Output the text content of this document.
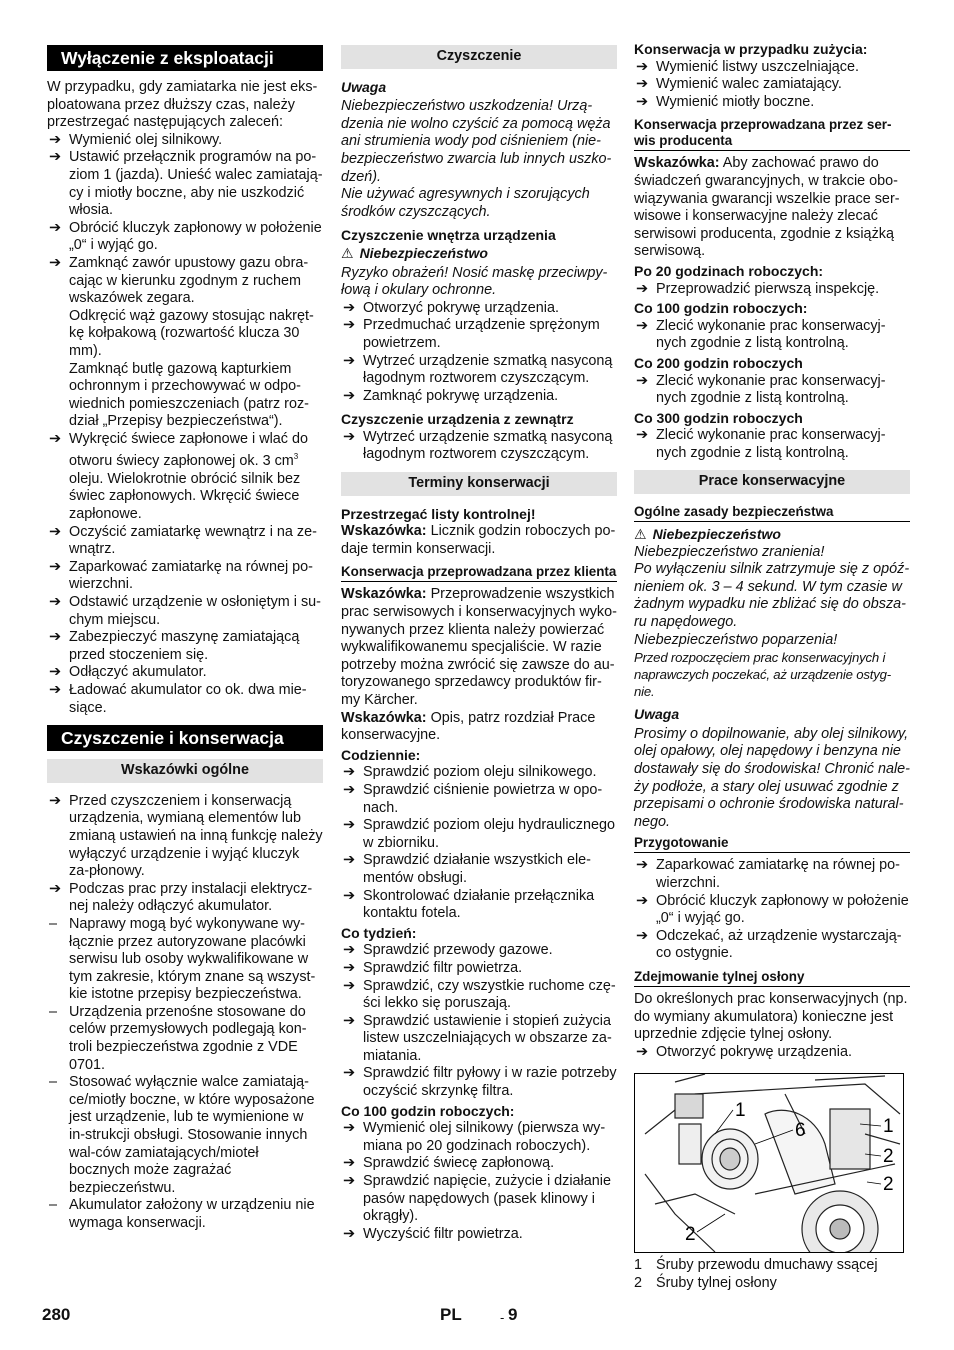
Wyłączenie z eksploatacji

W przypadku, gdy zamiatarka nie jest eks-ploatowana przez dłuższy czas, należy przestrzegać następujących zaleceń:

➔ Wymienić olej silnikowy.
➔ Ustawić przełącznik programów na po-ziom 1 (jazda). Unieść walec zamiatają-cy i miotły boczne, aby nie uszkodzić włosia.
➔ Obrócić kluczyk zapłonowy w położenie „0“ i wyjąć go.
➔ Zamknąć zawór upustowy gazu obra-cając w kierunku zgodnym z ruchem wskazówek zegara.

Odkręcić wąż gazowy stosując nakręt-kę kołpakową (rozwartość klucza 30 mm).

Zamknąć butlę gazową kapturkiem ochronnym i przechowywać w odpo-wiednich pomieszczeniach (patrz roz-dział „Przepisy bezpieczeństwa“).

➔ Wykręcić świece zapłonowe i wlać do otworu świecy zapłonowej ok. 3 $cm^3$ oleju. Wielokrotnie obrócić silnik bez świec zapłonowych. Wkręcić świece zapłonowe.
➔ Oczyścić zamiatarkę wewnątrz i na ze-wnątrz.
➔ Zaparkować zamiatarkę na równej po-wierzchni.
➔ Odstawić urządzenie w osłoniętym i su-chym miejscu.
➔ Zabezpieczyć maszynę zamiatającą przed stoczeniem się.
➔ Odłączyć akumulator.
➔ Ładować akumulator co ok. dwa mie-siące.
Czyszczenie i konserwacja
Wskazówki ogólne
➔ Przed czyszczeniem i konserwacją urządzenia, wymianą elementów lub zmianą ustawień na inną funkcję należy wyłączyć urządzenie i wyjąć kluczyk za-płonowy.
➔ Podczas prac przy instalacji elektrycz-nej należy odłączyć akumulator.
– Naprawy mogą być wykonywane wy-łącznie przez autoryzowane placówki serwisu lub osoby wykwalifikowane w tym zakresie, którym znane są wszyst-kie istotne przepisy bezpieczeństwa.
– Urządzenia przenośne stosowane do celów przemysłowych podlegają kon-troli bezpieczeństwa zgodnie z VDE 0701.
– Stosować wyłącznie walce zamiatają-ce/miotły boczne, w które wyposażone jest urządzenie, lub te wymienione w in-strukcji obsługi. Stosowanie innych wal-ców zamiatających/mioteł bocznych może zagrażać bezpieczeństwu.
– Akumulator założony w urządzeniu nie wymaga konserwacji.
Czyszczenie

Uwaga

Niebezpieczeństwo uszkodzenia! Urzą-dzenia nie wolno czyścić za pomocą węża ani strumienia wody pod ciśnieniem (nie-bezpieczeństwo zwarcia lub innych uszko-dzeń).

Nie używać agresywnych i szorujących środków czyszczących.

Czyszczenie wnętrza urządzenia

⚠ Niebezpieczeństwo

Ryzyko obrażeń! Nosić maskę przeciwpy-łową i okulary ochronne.

➔ Otworzyć pokrywę urządzenia.
➔ Przedmuchać urządzenie sprężonym powietrzem.
➔ Wytrzeć urządzenie szmatką nasyconą łagodnym roztworem czyszczącym.
➔ Zamknąć pokrywę urządzenia.

Czyszczenie urządzenia z zewnątrz

➔ Wytrzeć urządzenie szmatką nasyconą łagodnym roztworem czyszczącym.
Terminy konserwacji

Przestrzegać listy kontrolnej!

Wskazówka: Licznik godzin roboczych po-daje termin konserwacji.

Konserwacja przeprowadzana przez klienta

Wskazówka: Przeprowadzenie wszystkich prac serwisowych i konserwacyjnych wyko-nywanych przez klienta należy powierzać wykwalifikowanemu specjaliście. W razie potrzeby można zwrócić się zawsze do au-toryzowanego sprzedawcy produktów fir-my Kärcher.

Wskazówka: Opis, patrz rozdział Prace konserwacyjne.

Codziennie:

➔ Sprawdzić poziom oleju silnikowego.
➔ Sprawdzić ciśnienie powietrza w opo-nach.
➔ Sprawdzić poziom oleju hydraulicznego w zbiorniku.
➔ Sprawdzić działanie wszystkich ele-mentów obsługi.
➔ Skontrolować działanie przełącznika kontaktu fotela.

Co tydzień:

➔ Sprawdzić przewody gazowe.
➔ Sprawdzić filtr powietrza.
➔ Sprawdzić, czy wszystkie ruchome czę-ści lekko się poruszają.
➔ Sprawdzić ustawienie i stopień zużycia listew uszczelniających w obszarze za-miatania.
➔ Sprawdzić filtr pyłowy i w razie potrzeby oczyścić skrzynkę filtra.

Co 100 godzin roboczych:

➔ Wymienić olej silnikowy (pierwsza wy-miana po 20 godzinach roboczych).
➔ Sprawdzić świecę zapłonową.
➔ Sprawdzić napięcie, zużycie i działanie pasów napędowych (pasek klinowy i okrągły).
➔ Wyczyścić filtr powietrza.

Konserwacja w przypadku zużycia:

➔ Wymienić listwy uszczelniające.
➔ Wymienić walec zamiatający.
➔ Wymienić miotły boczne.
Konserwacja przeprowadzana przez ser-wis producenta

Wskazówka: Aby zachować prawo do świadczeń gwarancyjnych, w trakcie obo-wiązywania gwarancji wszelkie prace ser-wisowe i konserwacyjne należy zlecać serwisowi producenta, zgodnie z książką serwisową.

Po 20 godzinach roboczych:

➔ Przeprowadzić pierwszą inspekcję.

Co 100 godzin roboczych:

➔ Zlecić wykonanie prac konserwacyj-nych zgodnie z listą kontrolną.

Co 200 godzin roboczych

➔ Zlecić wykonanie prac konserwacyj-nych zgodnie z listą kontrolną.

Co 300 godzin roboczych

➔ Zlecić wykonanie prac konserwacyj-nych zgodnie z listą kontrolną.
Prace konserwacyjne
Ogólne zasady bezpieczeństwa

⚠ Niebezpieczeństwo

Niebezpieczeństwo zranienia!

Po wyłączeniu silnik zatrzymuje się z opóź-nieniem ok. 3 – 4 sekund. W tym czasie w żadnym wypadku nie zbliżać się do obsza-ru napędowego.

Niebezpieczeństwo poparzenia!

Przed rozpoczęciem prac konserwacyjnych i naprawczych poczekać, aż urządzenie ostyg-nie.

Uwaga

Prosimy o dopilnowanie, aby olej silnikowy, olej opałowy, olej napędowy i benzyna nie dostawały się do środowiska! Chronić nale-ży podłoże, a stary olej usuwać zgodnie z przepisami o ochronie środowiska natural-nego.

Przygotowanie
➔ Zaparkować zamiatarkę na równej po-wierzchni.
➔ Obrócić kluczyk zapłonowy w położenie „0“ i wyjąć go.
➔ Odczekać, aż urządzenie wystarczają-co ostygnie.
Zdejmowanie tylnej osłony

Do określonych prac konserwacyjnych (np. do wymiany akumulatora) konieczne jest uprzednie zdjęcie tylnej osłony.

➔ Otworzyć pokrywę urządzenia.
1
6	1
2
2
2
1 Śruby przewodu dmuchawy ssącej
2 Śruby tylnej osłony
280	PL	- 9
